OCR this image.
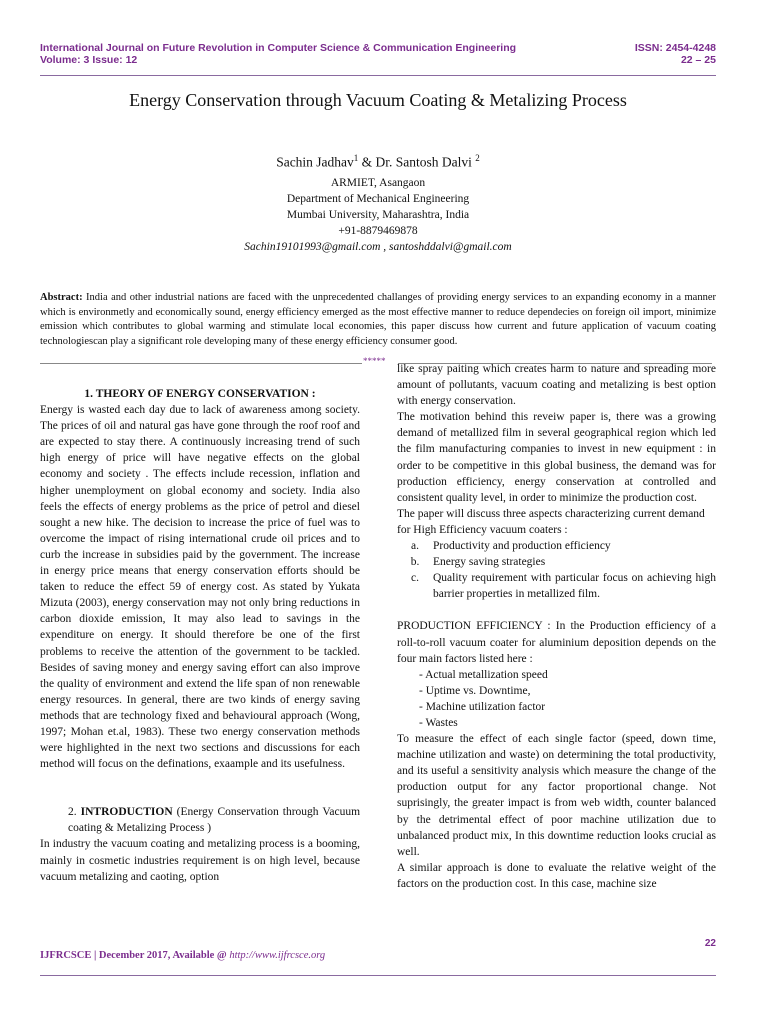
International Journal on Future Revolution in Computer Science & Communication Engineering
Volume: 3 Issue: 12
ISSN: 2454-4248
22 – 25
Energy Conservation through Vacuum Coating & Metalizing Process
Sachin Jadhav$^1$ & Dr. Santosh Dalvi $^2$
ARMIET, Asangaon
Department of Mechanical Engineering
Mumbai University, Maharashtra, India
+91-8879469878
Sachin19101993@gmail.com , santoshddalvi@gmail.com
Abstract: India and other industrial nations are faced with the unprecedented challanges of providing energy services to an expanding economy in a manner which is environmetly and economically sound, energy efficiency emerged as the most effective manner to reduce dependecies on foreign oil import, minimize emission which contributes to global warming and stimulate local economies, this paper discuss how current and future application of vacuum coating technologiescan play a significant role developing many of these energy efficiency consumer good.
*****

1. THEORY OF ENERGY CONSERVATION :

Energy is wasted each day due to lack of awareness among society. The prices of oil and natural gas have gone through the roof roof and are expected to stay there. A continuously increasing trend of such high energy of price will have negative effects on the global economy and society . The effects include recession, inflation and higher unemployment on global economy and society. India also feels the effects of energy problems as the price of petrol and diesel sought a new hike. The decision to increase the price of fuel was to overcome the impact of rising international crude oil prices and to curb the increase in subsidies paid by the government. The increase in energy price means that energy conservation efforts should be taken to reduce the effect 59 of energy cost. As stated by Yukata Mizuta (2003), energy conservation may not only bring reductions in carbon dioxide emission, It may also lead to savings in the expenditure on energy. It should therefore be one of the first problems to receive the attention of the government to be tackled. Besides of saving money and energy saving effort can also improve the quality of environment and extend the life span of non renewable energy resources. In general, there are two kinds of energy saving methods that are technology fixed and behavioural approach (Wong, 1997; Mohan et.al, 1983). These two energy conservation methods were highlighted in the next two sections and discussions for each method will focus on the definations, exaample and its usefulness.

2. INTRODUCTION (Energy Conservation through Vacuum coating & Metalizing Process )

In industry the vacuum coating and metalizing process is a booming, mainly in cosmetic industries requirement is on high level, because vacuum metalizing and caoting, option

like spray paiting which creates harm to nature and spreading more amount of pollutants, vacuum coating and metalizing is best option with energy conservation.

The motivation behind this reveiw paper is, there was a growing demand of metallized film in several geographical region which led the film manufacturing companies to invest in new equipment : in order to be competitive in this global business, the demand was for production efficiency, energy conservation at controlled and consistent quality level, in order to minimize the production cost.

The paper will discuss three aspects characterizing current demand for High Efficiency vacuum coaters :

a.	Productivity and production efficiency
b.	Energy saving strategies
c.	Quality requirement with particular focus on achieving high barrier properties in metallized film.

PRODUCTION EFFICIENCY : In the Production efficiency of a roll-to-roll vacuum coater for aluminium deposition depends on the four main factors listed here :

- Actual metallization speed

- Uptime vs. Downtime,

- Machine utilization factor

- Wastes

To measure the effect of each single factor (speed, down time, machine utilization and waste) on determining the total productivity, and its useful a sensitivity analysis which measure the change of the production output for any factor proportional change. Not suprisingly, the greater impact is from web width, counter balanced by the detrimental effect of poor machine utilization due to unbalanced product mix, In this downtime reduction looks crucial as well.

A similar approach is done to evaluate the relative weight of the factors on the production cost. In this case, machine size

22
IJFRCSCE | December 2017, Available @ http://www.ijfrcsce.org
